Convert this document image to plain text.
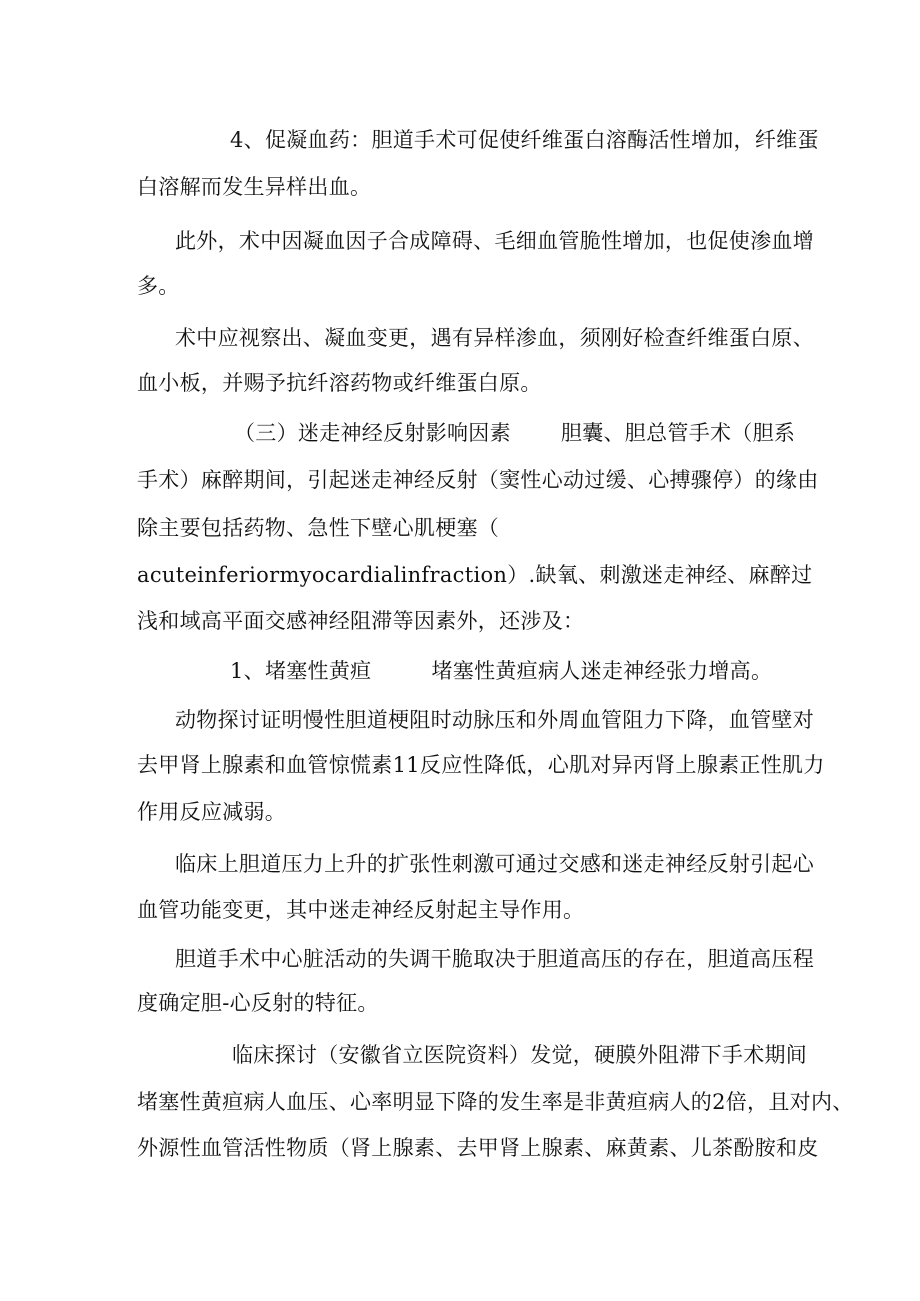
4、促凝血药：胆道手术可促使纤维蛋白溶酶活性增加，纤维蛋
白溶解而发生异样出血。
此外，术中因凝血因子合成障碍、毛细血管脆性增加，也促使渗血增
多。
术中应视察出、凝血变更，遇有异样渗血，须刚好检查纤维蛋白原、
血小板，并赐予抗纤溶药物或纤维蛋白原。
（三）迷走神经反射影响因素 胆囊、胆总管手术（胆系
手术）麻醉期间，引起迷走神经反射（窦性心动过缓、心搏骤停）的缘由
除主要包括药物、急性下壁心肌梗塞（
acuteinferiormyocardialinfraction）.缺氧、刺激迷走神经、麻醉过
浅和域高平面交感神经阻滞等因素外，还涉及：
1、堵塞性黄疸	堵塞性黄疸病人迷走神经张力增高。
动物探讨证明慢性胆道梗阻时动脉压和外周血管阻力下降，血管壁对
去甲肾上腺素和血管惊慌素11反应性降低，心肌对异丙肾上腺素正性肌力
作用反应减弱。
临床上胆道压力上升的扩张性刺激可通过交感和迷走神经反射引起心
血管功能变更，其中迷走神经反射起主导作用。
胆道手术中心脏活动的失调干脆取决于胆道高压的存在，胆道高压程
度确定胆-心反射的特征。
临床探讨（安徽省立医院资料）发觉，硬膜外阻滞下手术期间
堵塞性黄疸病人血压、心率明显下降的发生率是非黄疸病人的2倍，且对内、
外源性血管活性物质（肾上腺素、去甲肾上腺素、麻黄素、儿茶酚胺和皮
